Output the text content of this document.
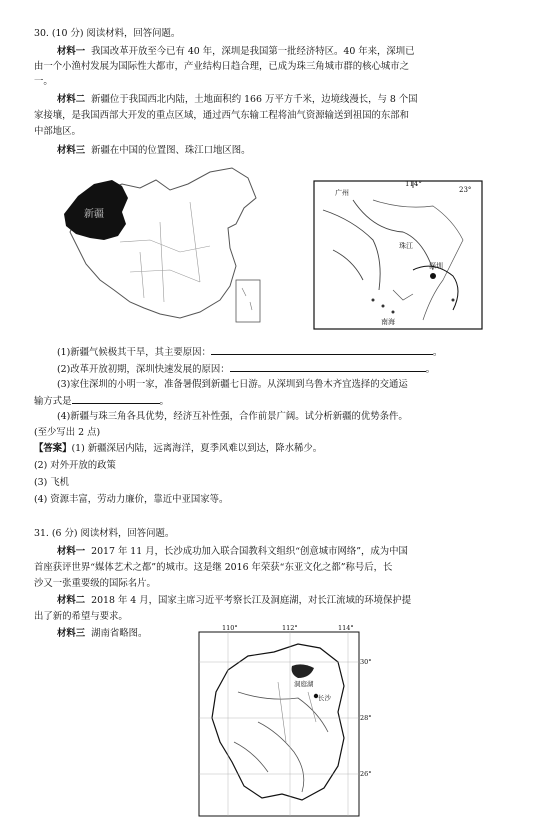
30. (10 分) 阅读材料，回答问题。
材料一 我国改革开放至今已有 40 年，深圳是我国第一批经济特区。40 年来，深圳已
由一个小渔村发展为国际性大都市，产业结构日趋合理，已成为珠三角城市群的核心城市之
一。
材料二 新疆位于我国西北内陆，土地面积约 166 万平方千米，边境线漫长，与 8 个国
家接壤，是我国西部大开发的重点区域，通过西气东输工程将油气资源输送到祖国的东部和
中部地区。
材料三 新疆在中国的位置图、珠江口地区图。
新疆
广州
114°
23°
珠江
深圳
南海
(1)新疆气候极其干旱，其主要原因：	。
(2)改革开放初期，深圳快速发展的原因：	。
(3)家住深圳的小明一家，准备暑假到新疆七日游。从深圳到乌鲁木齐宜选择的交通运
输方式是	。
(4)新疆与珠三角各具优势，经济互补性强，合作前景广阔。试分析新疆的优势条件。
(至少写出 2 点)
【答案】(1) 新疆深居内陆，远离海洋，夏季风难以到达，降水稀少。
(2) 对外开放的政策
(3) 飞机
(4) 资源丰富，劳动力廉价，靠近中亚国家等。
31. (6 分) 阅读材料，回答问题。
材料一 2017 年 11 月，长沙成功加入联合国教科文组织“创意城市网络”，成为中国
首座获评世界“媒体艺术之都”的城市。这是继 2016 年荣获“东亚文化之都”称号后，长
沙又一张重要级的国际名片。
材料二 2018 年 4 月，国家主席习近平考察长江及洞庭湖，对长江流域的环境保护提
出了新的希望与要求。
材料三 湖南省略图。	110°	112°	114°
30°
28°
26°
长沙
洞庭湖
